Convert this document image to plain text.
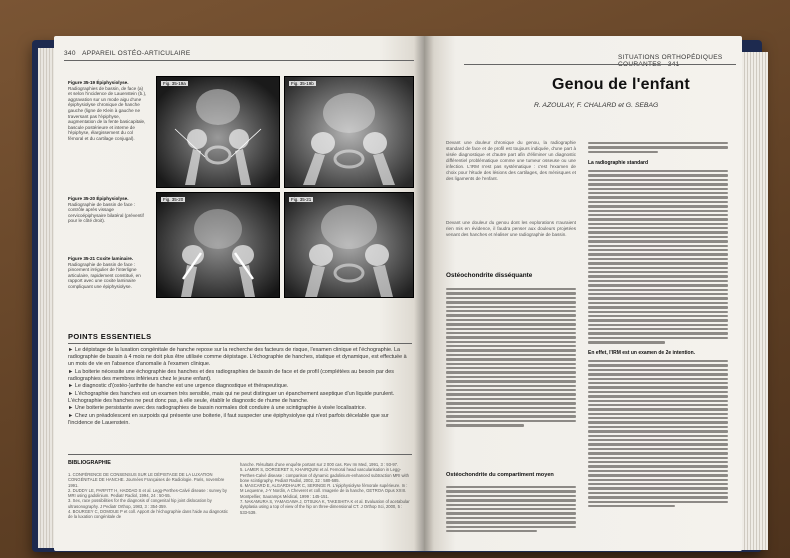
340 APPAREIL OSTÉO-ARTICULAIRE
Figure 35-19 Épiphysiolyse.
Radiographies de bassin, de face (a) et selon l'incidence de Lauenstein (b.), aggravation sur un mode aigu d'une épiphysiolyse chronique de hanche gauche (ligne de Klein à gauche ne traversant pas l'épiphyse, augmentation de la fente basicapitale, bascule postérieure et interne de l'épiphyse, élargissement du col fémoral et du cartilage conjugal).
Figure 35-20 Épiphysiolyse.
Radiographie de bassin de face : contrôle après vissage cervicoépiphysaire bilatéral (préventif pour le côté droit).
Figure 35-21 Coxite laminaire.
Radiographie de bassin de face : pincement irrégulier de l'interligne articulaire, rapidement constitué, en rapport avec une coxite laminaire compliquant une épiphysiolyse.
Fig. 35-19a	Fig. 35-19b
Fig. 35-20	Fig. 35-21
POINTS ESSENTIELS
► Le dépistage de la luxation congénitale de hanche repose sur la recherche des facteurs de risque, l'examen clinique et l'échographie. La radiographie de bassin à 4 mois ne doit plus être utilisée comme dépistage. L'échographie de hanches, statique et dynamique, est effectuée à un mois de vie en l'absence d'anomalie à l'examen clinique.
► La boiterie nécessite une échographie des hanches et des radiographies de bassin de face et de profil (complétées au besoin par des radiographies des membres inférieurs chez le jeune enfant).
► Le diagnostic d'(ostéo-)arthrite de hanche est une urgence diagnostique et thérapeutique.
► L'échographie des hanches est un examen très sensible, mais qui ne peut distinguer un épanchement aseptique d'un liquide purulent. L'échographie des hanches ne peut donc pas, à elle seule, établir le diagnostic de rhume de hanche.
► Une boiterie persistante avec des radiographies de bassin normales doit conduire à une scintigraphie à visée localisatrice.
► Chez un préadolescent en surpoids qui présente une boiterie, il faut suspecter une épiphysiolyse qui n'est parfois décelable que sur l'incidence de Lauenstein.
BIBLIOGRAPHIE
1. CONFÉRENCE DE CONSENSUS SUR LE DÉPISTAGE DE LA LUXATION CONGÉNITALE DE HANCHE. Journées Françaises de Radiologie. Paris, novembre 1991.
2. DUDDY LE, PARFITT H, HADDAD S et al. Legg-Perthes-Calvé disease : survey by MRI using gadolinium. Pediatr Radiol, 1994, 24 : 50-55.
3. Sex, race possibilities for the diagnosis of congenital hip joint dislocation by ultrasonography. J Pediatr Orthop, 1983, 3 : 354-359.
4. BOURGEY C, DOMOUE P et coll. Apport de l'échographie dans l'aide au diagnostic de la luxation congénitale de
hanche. Résultats d'une enquête portant sur 2 000 cas. Rev Im Med, 1991, 3 : 93-97.
5. LAMER S, DORGERET S, KHAIRQUNI et al. Femoral head vascularisation in Legg-Perthes-Calvé disease : comparison of dynamic gadolinium-enhanced subtraction MRI with bone scintigraphy. Pediatr Radiol, 2002, 32 : 580-585.
6. MASCARD E, ALGARDHAUR C, SERINGE R. L'épiphysiolyse fémorale supérieure. In : M Lequesne, J-Y Nordin, A Cheveret et coll. Imagerie de la hanche, GETROA Opus XXIII. Montpellier, Sauramps Médical, 1999 : 145-151.
7. NAKAMURA S, YAMAGAWA J, OTSUKA K, TAKESHITA K et al. Evaluation of acetabular dysplasia using a top of view of the hip on three-dimensional CT. J Orthop Sci, 2000, 5 : 533-539.
SITUATIONS ORTHOPÉDIQUES
Genou de l'enfant
R. AZOULAY, F. CHALARD et G. SEBAG
Devant une douleur chronique du genou, la radiographie standard de face et de profil est toujours indiquée, d'une part à visée diagnostique et d'autre part afin d'éliminer un diagnostic différentiel problématique comme une tumeur osseuse ou une infection. L'IRM n'est pas systématique : c'est l'examen de choix pour l'étude des lésions des cartilages, des ménisques et des ligaments de l'enfant.
Devant une douleur du genou dont les explorations n'auraient rien mis en évidence, il faudra penser aux douleurs projetées venant des hanches et réaliser une radiographie de bassin.
Ostéochondrite disséquante
Ostéochondrite du compartiment moyen
La radiographie standard
En effet, l'IRM est un examen de 2e intention.
